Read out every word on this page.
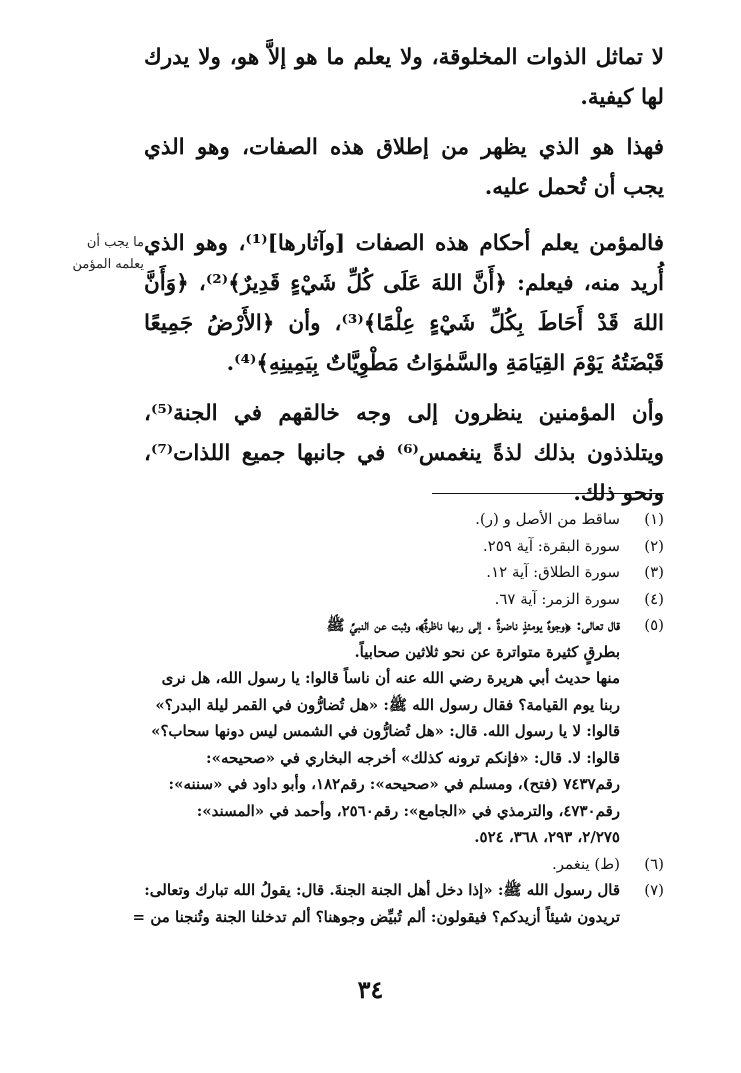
لا تماثل الذوات المخلوقة، ولا يعلم ما هو إلاَّ هو، ولا يدرك لها كيفية.

فهذا هو الذي يظهر من إطلاق هذه الصفات، وهو الذي يجب أن تُحمل عليه.

فالمؤمن يعلم أحكام هذه الصفات [وآثارها]⁽¹⁾، وهو الذي أُريد منه، فيعلم: ﴿أَنَّ اللهَ عَلَى كُلِّ شَيْءٍ قَدِيرٌ﴾⁽²⁾، ﴿وَأَنَّ اللهَ قَدْ أَحَاطَ بِكُلِّ شَيْءٍ عِلْمًا﴾⁽³⁾، وأن ﴿الأَرْضُ جَمِيعًا قَبْضَتُهُ يَوْمَ القِيَامَةِ والسَّمٰوَاتُ مَطْوِيَّاتٌ بِيَمِينِهِ﴾⁽⁴⁾.

وأن المؤمنين ينظرون إلى وجه خالقهم في الجنة⁽⁵⁾، ويتلذذون بذلك لذةً ينغمس⁽⁶⁾ في جانبها جميع اللذات⁽⁷⁾، ونحو ذلك.

ما يجب أن
يعلمه المؤمن
(١)
ساقط من الأصل و (ر).
(٢)
سورة البقرة: آية ٢٥٩.
(٣)
سورة الطلاق: آية ١٢.
(٤)
سورة الزمر: آية ٦٧.
(٥)
قال تعالى: ﴿وجوهٌ يومئذٍ ناضرةٌ . إلى ربها ناظرةٌ﴾، وثبت عن النبيِّ ﷺ
بطرقٍ كثيرة متواترة عن نحو ثلاثين صحابياً.
منها حديث أبي هريرة رضي الله عنه أن ناساً قالوا: يا رسول الله، هل نرى
ربنا يوم القيامة؟ فقال رسول الله ﷺ: «هل تُضارُّون في القمر ليلة البدر؟»
قالوا: لا يا رسول الله. قال: «هل تُضارُّون في الشمس ليس دونها سحاب؟»
قالوا: لا. قال: «فإنكم ترونه كذلك» أخرجه البخاري في «صحيحه»:
رقم٧٤٣٧ (فتح)، ومسلم في «صحيحه»: رقم١٨٢، وأبو داود في «سننه»:
رقم٤٧٣٠، والترمذي في «الجامع»: رقم٢٥٦٠، وأحمد في «المسند»:
٢/٢٧٥، ٢٩٣، ٣٦٨، ٥٢٤.
(٦)
(ط) ينغمر.
(٧)
قال رسول الله ﷺ: «إذا دخل أهل الجنة الجنةَ. قال: يقولُ الله تبارك وتعالى:
تريدون شيئاً أزيدكم؟ فيقولون: ألم تُبيِّض وجوهنا؟ ألم تدخلنا الجنة وتُنجنا من =
٣٤
